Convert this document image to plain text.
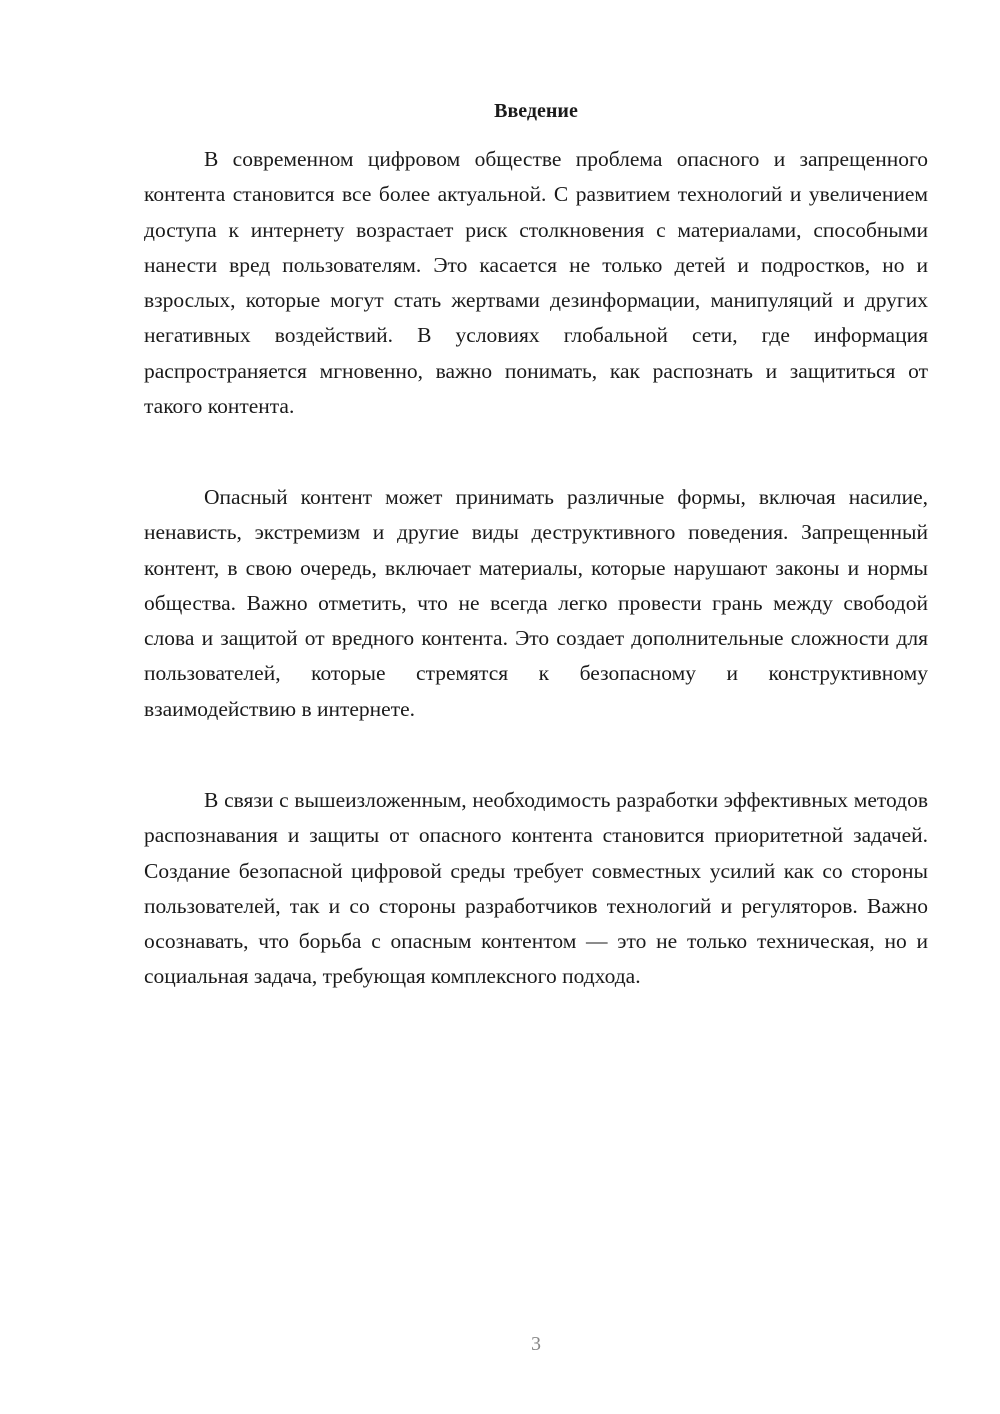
Введение

В современном цифровом обществе проблема опасного и запрещенного контента становится все более актуальной. С развитием технологий и увеличением доступа к интернету возрастает риск столкновения с материалами, способными нанести вред пользователям. Это касается не только детей и подростков, но и взрослых, которые могут стать жертвами дезинформации, манипуляций и других негативных воздействий. В условиях глобальной сети, где информация распространяется мгновенно, важно понимать, как распознать и защититься от такого контента.

Опасный контент может принимать различные формы, включая насилие, ненависть, экстремизм и другие виды деструктивного поведения. Запрещенный контент, в свою очередь, включает материалы, которые нарушают законы и нормы общества. Важно отметить, что не всегда легко провести грань между свободой слова и защитой от вредного контента. Это создает дополнительные сложности для пользователей, которые стремятся к безопасному и конструктивному взаимодействию в интернете.

В связи с вышеизложенным, необходимость разработки эффективных методов распознавания и защиты от опасного контента становится приоритетной задачей. Создание безопасной цифровой среды требует совместных усилий как со стороны пользователей, так и со стороны разработчиков технологий и регуляторов. Важно осознавать, что борьба с опасным контентом — это не только техническая, но и социальная задача, требующая комплексного подхода.

3
